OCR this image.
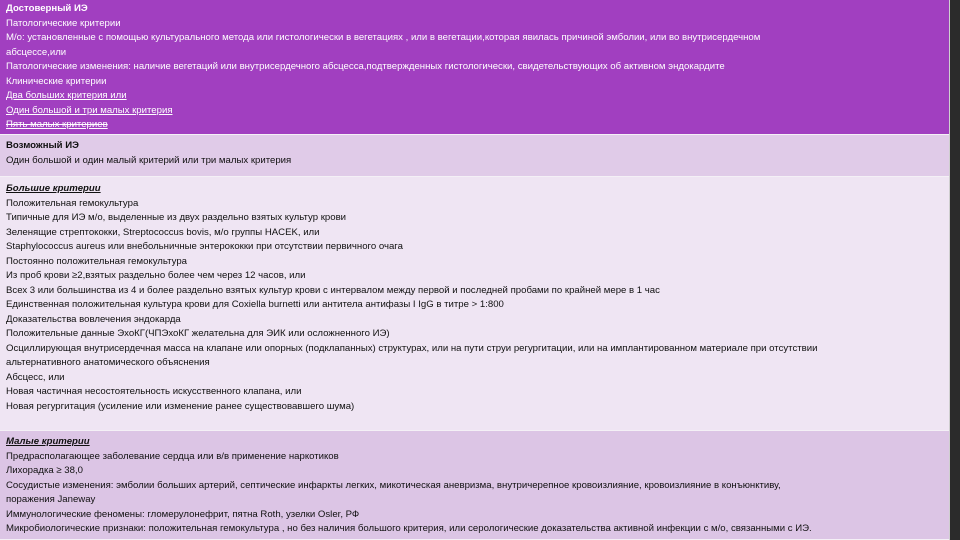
Достоверный ИЭ
Патологические критерии
М/о: установленные с помощью культурального метода или гистологически в вегетациях , или в вегетации,которая явилась причиной эмболии, или во внутрисердечном
абсцессе,или
Патологические изменения: наличие вегетаций или внутрисердечного абсцесса,подтвержденных гистологически, свидетельствующих об активном эндокардите
Клинические критерии
Два больших критерия или
Один большой и три малых критерия
Пять малых критериев
Возможный ИЭ
Один большой и один малый критерий или три малых критерия
Большие критерии
Положительная гемокультура
Типичные для ИЭ м/о, выделенные из двух раздельно взятых культур крови
Зеленящие стрептококки, Streptococcus bovis, м/о группы HACEK, или
Staphylococcus aureus или внебольничные энтерококки при отсутствии первичного очага
Постоянно положительная гемокультура
Из проб крови ≥2,взятых раздельно более чем через 12 часов, или
Всех 3 или большинства из 4 и более раздельно взятых культур крови с интервалом между первой и последней пробами по крайней мере в 1 час
Единственная положительная культура крови для Coxiella burnetti или антитела антифазы I IgG в титре > 1:800
Доказательства вовлечения эндокарда
Положительные данные ЭхоКГ(ЧПЭхоКГ желательна для ЭИК или осложненного ИЭ)
Осциллирующая внутрисердечная масса на клапане или опорных (подклапанных) структурах, или на пути струи регургитации, или на имплантированном материале при отсутствии
альтернативного анатомического объяснения
Абсцесс, или
Новая частичная несостоятельность искусственного клапана, или
Новая регургитация (усиление или изменение ранее существовавшего шума)
Малые критерии
Предрасполагающее заболевание сердца или в/в применение наркотиков
Лихорадка ≥ 38,0
Сосудистые изменения: эмболии больших артерий, септические инфаркты легких, микотическая аневризма, внутричерепное кровоизлияние, кровоизлияние в конъюнктиву,
поражения Janeway
Иммунологические феномены: гломерулонефрит, пятна Roth, узелки Osler, РФ
Микробиологические признаки: положительная гемокультура , но без наличия большого критерия, или серологические доказательства активной инфекции с м/о, связанными с ИЭ.
